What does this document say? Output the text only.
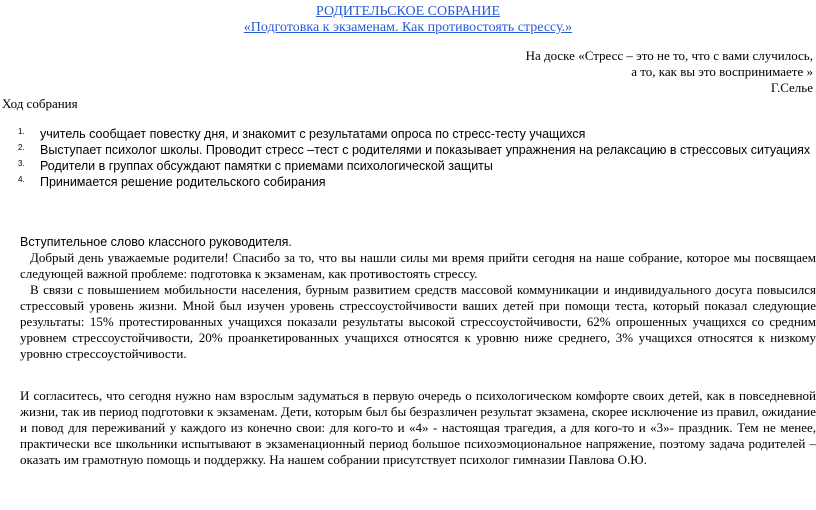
РОДИТЕЛЬСКОЕ СОБРАНИЕ
«Подготовка к экзаменам. Как противостоять стрессу.»
На доске «Стресс – это не то, что с вами случилось,
а то, как вы это воспринимаете »
Г.Селье
Ход собрания
1. учитель сообщает повестку дня, и знакомит с результатами опроса по стресс-тесту учащихся
2. Выступает психолог школы. Проводит стресс –тест с родителями и показывает упражнения на релаксацию в стрессовых ситуациях
3. Родители в группах обсуждают памятки с приемами психологической защиты
4. Принимается решение родительского собирания
Вступительное слово классного руководителя.

Добрый день уважаемые родители! Спасибо за то, что вы нашли силы ми время прийти сегодня на наше собрание, которое мы посвящаем следующей важной проблеме: подготовка к экзаменам, как противостоять стрессу.

В связи с повышением мобильности населения, бурным развитием средств массовой коммуникации и индивидуального досуга повысился стрессовый уровень жизни. Мной был изучен уровень стрессоустойчивости ваших детей при помощи теста, который показал следующие результаты: 15% протестированных учащихся показали результаты высокой стрессоустойчивости, 62% опрошенных учащихся со средним уровнем стрессоустойчивости, 20% проанкетированных учащихся относятся к уровню ниже среднего, 3% учащихся относятся к низкому уровню стрессоустойчивости.

И согласитесь, что сегодня нужно нам взрослым задуматься в первую очередь о психологическом комфорте своих детей, как в повседневной жизни, так ив период подготовки к экзаменам. Дети, которым был бы безразличен результат экзамена, скорее исключение из правил, ожидание и повод для переживаний у каждого из конечно свои: для кого-то и «4» - настоящая трагедия, а для кого-то и «3»- праздник. Тем не менее, практически все школьники испытывают в экзаменационный период большое психоэмоциональное напряжение, поэтому задача родителей – оказать им грамотную помощь и поддержку. На нашем собрании присутствует психолог гимназии Павлова О.Ю.
